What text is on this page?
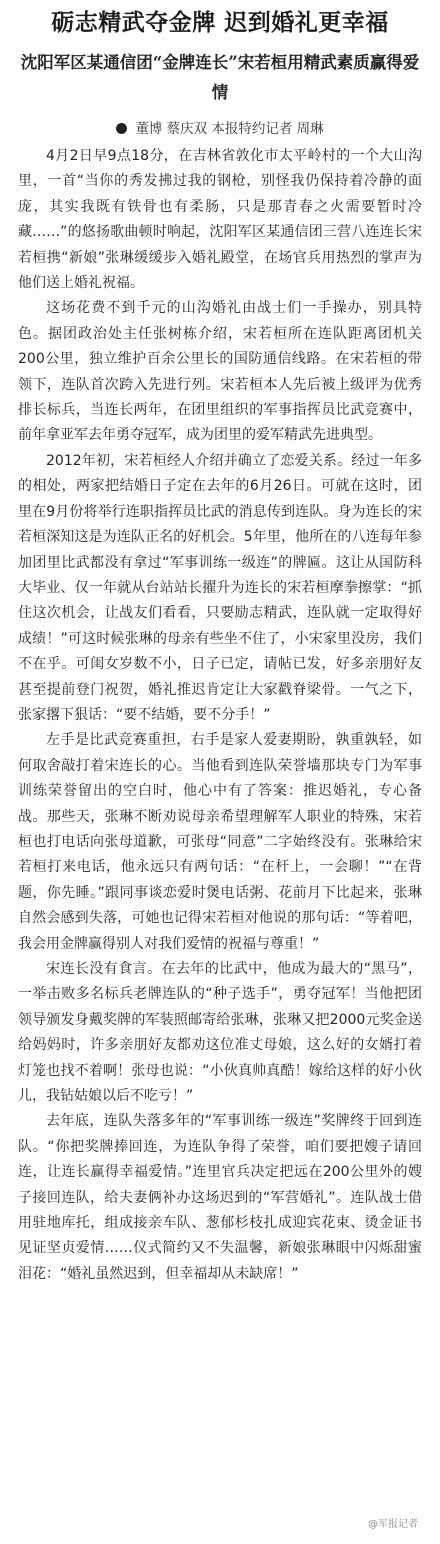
砺志精武夺金牌 迟到婚礼更幸福
沈阳军区某通信团“金牌连长”宋若桓用精武素质赢得爱情
董博 蔡庆双 本报特约记者 周琳

4月2日早9点18分，在吉林省敦化市太平岭村的一个大山沟里，一首“当你的秀发拂过我的钢枪，别怪我仍保持着冷静的面庞，其实我既有铁骨也有柔肠，只是那青春之火需要暂时冷藏……”的悠扬歌曲顿时响起，沈阳军区某通信团三营八连连长宋若桓携“新娘”张琳缓缓步入婚礼殿堂，在场官兵用热烈的掌声为他们送上婚礼祝福。

这场花费不到千元的山沟婚礼由战士们一手操办，别具特色。据团政治处主任张树栋介绍，宋若桓所在连队距离团机关200公里，独立维护百余公里长的国防通信线路。在宋若桓的带领下，连队首次跨入先进行列。宋若桓本人先后被上级评为优秀排长标兵，当连长两年，在团里组织的军事指挥员比武竞赛中，前年拿亚军去年勇夺冠军，成为团里的爱军精武先进典型。

2012年初，宋若桓经人介绍并确立了恋爱关系。经过一年多的相处，两家把结婚日子定在去年的6月26日。可就在这时，团里在9月份将举行连职指挥员比武的消息传到连队。身为连长的宋若桓深知这是为连队正名的好机会。5年里，他所在的八连每年参加团里比武都没有拿过“军事训练一级连”的牌匾。这让从国防科大毕业、仅一年就从台站站长擢升为连长的宋若桓摩拳擦掌：“抓住这次机会，让战友们看看，只要励志精武，连队就一定取得好成绩！”可这时候张琳的母亲有些坐不住了，小宋家里没房，我们不在乎。可闺女岁数不小，日子已定，请帖已发，好多亲朋好友甚至提前登门祝贺，婚礼推迟肯定让大家戳脊梁骨。一气之下，张家撂下狠话：“要不结婚，要不分手！”

左手是比武竞赛重担，右手是家人爱妻期盼，孰重孰轻，如何取舍敲打着宋连长的心。当他看到连队荣誉墙那块专门为军事训练荣誉留出的空白时，他心中有了答案：推迟婚礼，专心备战。那些天，张琳不断劝说母亲希望理解军人职业的特殊，宋若桓也打电话向张母道歉，可张母“同意”二字始终没有。张琳给宋若桓打来电话，他永远只有两句话：“在杆上，一会聊！”“在背题，你先睡。”跟同事谈恋爱时煲电话粥、花前月下比起来，张琳自然会感到失落，可她也记得宋若桓对他说的那句话：“等着吧，我会用金牌赢得别人对我们爱情的祝福与尊重！”

宋连长没有食言。在去年的比武中，他成为最大的“黑马”，一举击败多名标兵老牌连队的“种子选手”，勇夺冠军！当他把团领导颁发身戴奖牌的军装照邮寄给张琳，张琳又把2000元奖金送给妈妈时，许多亲朋好友都劝这位准丈母娘，这么好的女婿打着灯笼也找不着啊！张母也说：“小伙真帅真酷！嫁给这样的好小伙儿，我钻姑娘以后不吃亏！”

去年底，连队失落多年的“军事训练一级连”奖牌终于回到连队。“你把奖牌捧回连，为连队争得了荣誉，咱们要把嫂子请回连，让连长赢得幸福爱情。”连里官兵决定把远在200公里外的嫂子接回连队，给夫妻俩补办这场迟到的“军营婚礼”。连队战士借用驻地库托，组成接亲车队、葱郁杉枝扎成迎宾花束、烫金证书见证坚贞爱情……仪式简约又不失温馨，新娘张琳眼中闪烁甜蜜泪花：“婚礼虽然迟到，但幸福却从未缺席！”

@军报记者
